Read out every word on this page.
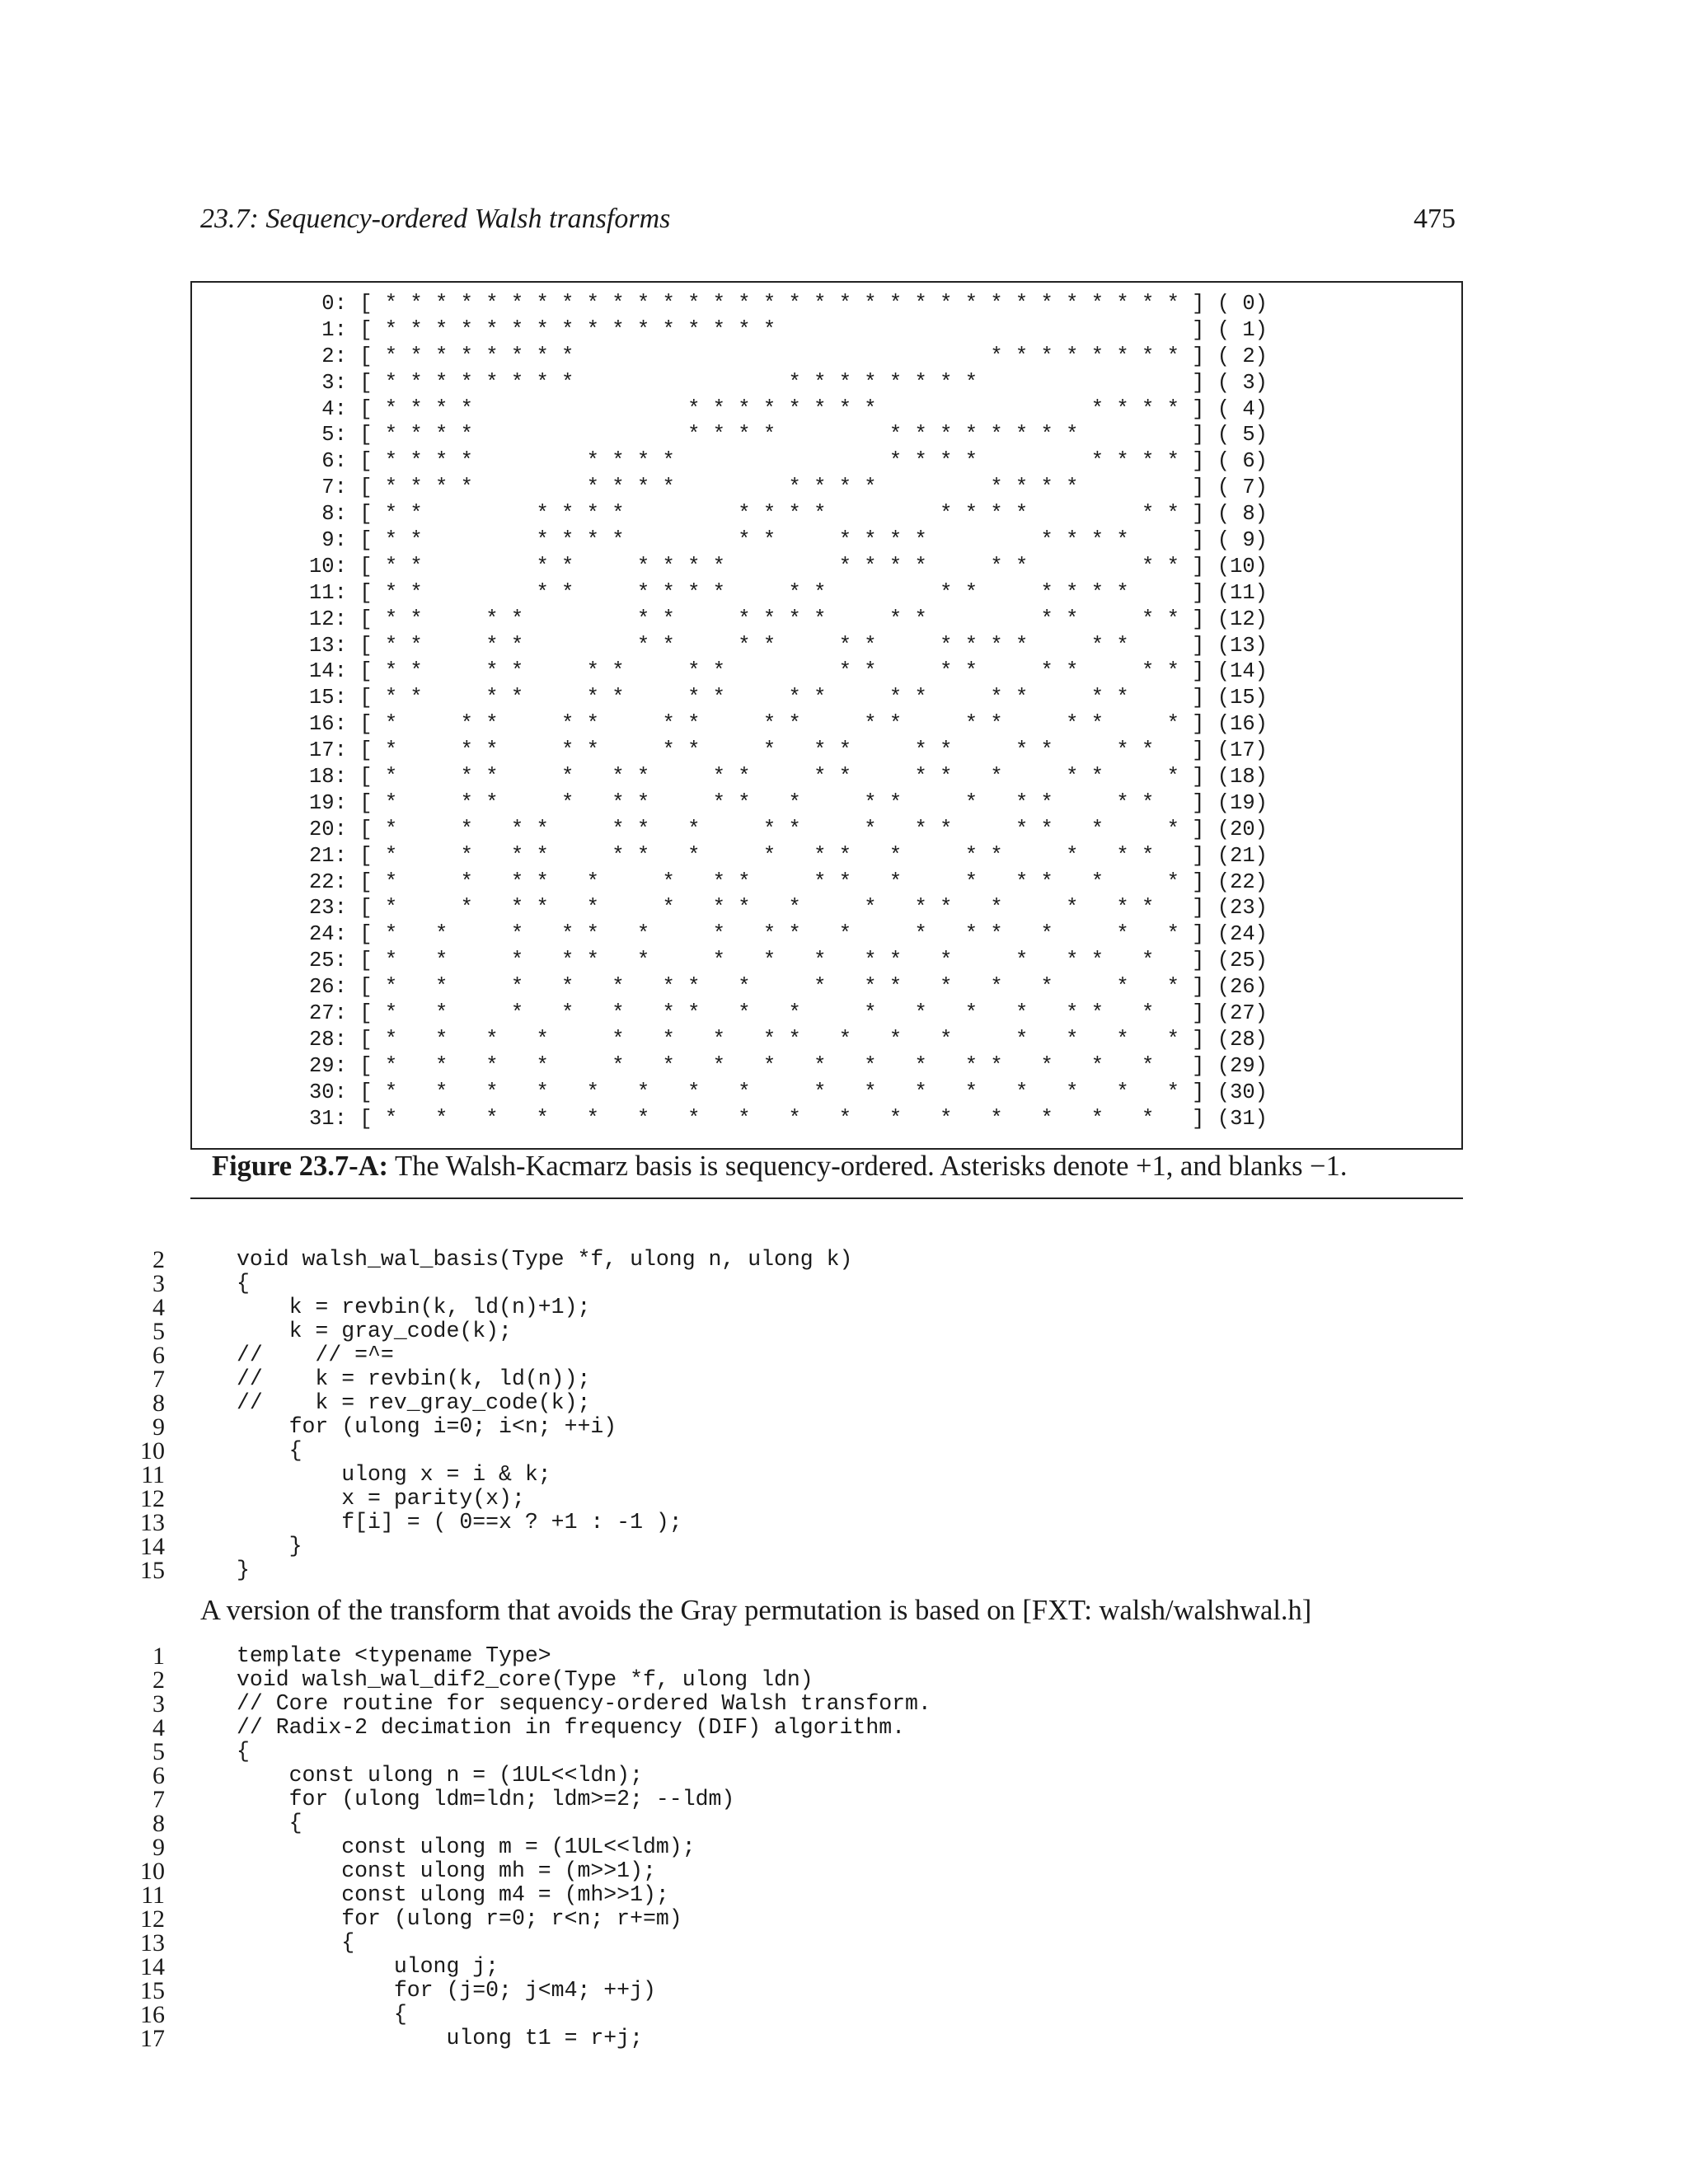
23.7: Sequency-ordered Walsh transforms	475
0: [ * * * * * * * * * * * * * * * * * * * * * * * * * * * * * * * * ] ( 0)
1: [ * * * * * * * * * * * * * * * *                                 ] ( 1)
2: [ * * * * * * * *                                 * * * * * * * * ] ( 2)
3: [ * * * * * * * *                 * * * * * * * *                 ] ( 3)
4: [ * * * *                 * * * * * * * *                 * * * * ] ( 4)
5: [ * * * *                 * * * *         * * * * * * * *         ] ( 5)
6: [ * * * *         * * * *                 * * * *         * * * * ] ( 6)
7: [ * * * *         * * * *         * * * *         * * * *         ] ( 7)
8: [ * *         * * * *         * * * *         * * * *         * * ] ( 8)
9: [ * *         * * * *         * *     * * * *         * * * *     ] ( 9)
10: [ * *         * *     * * * *         * * * *     * *         * * ] (10)
11: [ * *         * *     * * * *     * *         * *     * * * *     ] (11)
12: [ * *     * *         * *     * * * *     * *         * *     * * ] (12)
13: [ * *     * *         * *     * *     * *     * * * *     * *     ] (13)
14: [ * *     * *     * *     * *         * *     * *     * *     * * ] (14)
15: [ * *     * *     * *     * *     * *     * *     * *     * *     ] (15)
16: [ *     * *     * *     * *     * *     * *     * *     * *     * ] (16)
17: [ *     * *     * *     * *     *   * *     * *     * *     * *   ] (17)
18: [ *     * *     *   * *     * *     * *     * *   *     * *     * ] (18)
19: [ *     * *     *   * *     * *   *     * *     *   * *     * *   ] (19)
20: [ *     *   * *     * *   *     * *     *   * *     * *   *     * ] (20)
21: [ *     *   * *     * *   *     *   * *   *     * *     *   * *   ] (21)
22: [ *     *   * *   *     *   * *     * *   *     *   * *   *     * ] (22)
23: [ *     *   * *   *     *   * *   *     *   * *   *     *   * *   ] (23)
24: [ *   *     *   * *   *     *   * *   *     *   * *   *     *   * ] (24)
25: [ *   *     *   * *   *     *   *   *   * *   *     *   * *   *   ] (25)
26: [ *   *     *   *   *   * *   *     *   * *   *   *   *     *   * ] (26)
27: [ *   *     *   *   *   * *   *   *     *   *   *   *   * *   *   ] (27)
28: [ *   *   *   *     *   *   *   * *   *   *   *     *   *   *   * ] (28)
29: [ *   *   *   *     *   *   *   *   *   *   *   * *   *   *   *   ] (29)
30: [ *   *   *   *   *   *   *   *     *   *   *   *   *   *   *   * ] (30)
31: [ *   *   *   *   *   *   *   *   *   *   *   *   *   *   *   *   ] (31)
Figure 23.7-A: The Walsh-Kacmarz basis is sequency-ordered. Asterisks denote +1, and blanks −1.
2	void walsh_wal_basis(Type *f, ulong n, ulong k)
3	{
4	k = revbin(k, ld(n)+1);
5	k = gray_code(k);
6	//    // =^=
7	//    k = revbin(k, ld(n));
8	//    k = rev_gray_code(k);
9	for (ulong i=0; i<n; ++i)
10	{
11	ulong x = i & k;
12	x = parity(x);
13	f[i] = ( 0==x ? +1 : -1 );
14	}
15	}
A version of the transform that avoids the Gray permutation is based on [FXT: walsh/walshwal.h]
1	template <typename Type>
2	void walsh_wal_dif2_core(Type *f, ulong ldn)
3	// Core routine for sequency-ordered Walsh transform.
4	// Radix-2 decimation in frequency (DIF) algorithm.
5	{
6	const ulong n = (1UL<<ldn);
7	for (ulong ldm=ldn; ldm>=2; --ldm)
8	{
9	const ulong m = (1UL<<ldm);
10	const ulong mh = (m>>1);
11	const ulong m4 = (mh>>1);
12	for (ulong r=0; r<n; r+=m)
13	{
14	ulong j;
15	for (j=0; j<m4; ++j)
16	{
17	ulong t1 = r+j;
